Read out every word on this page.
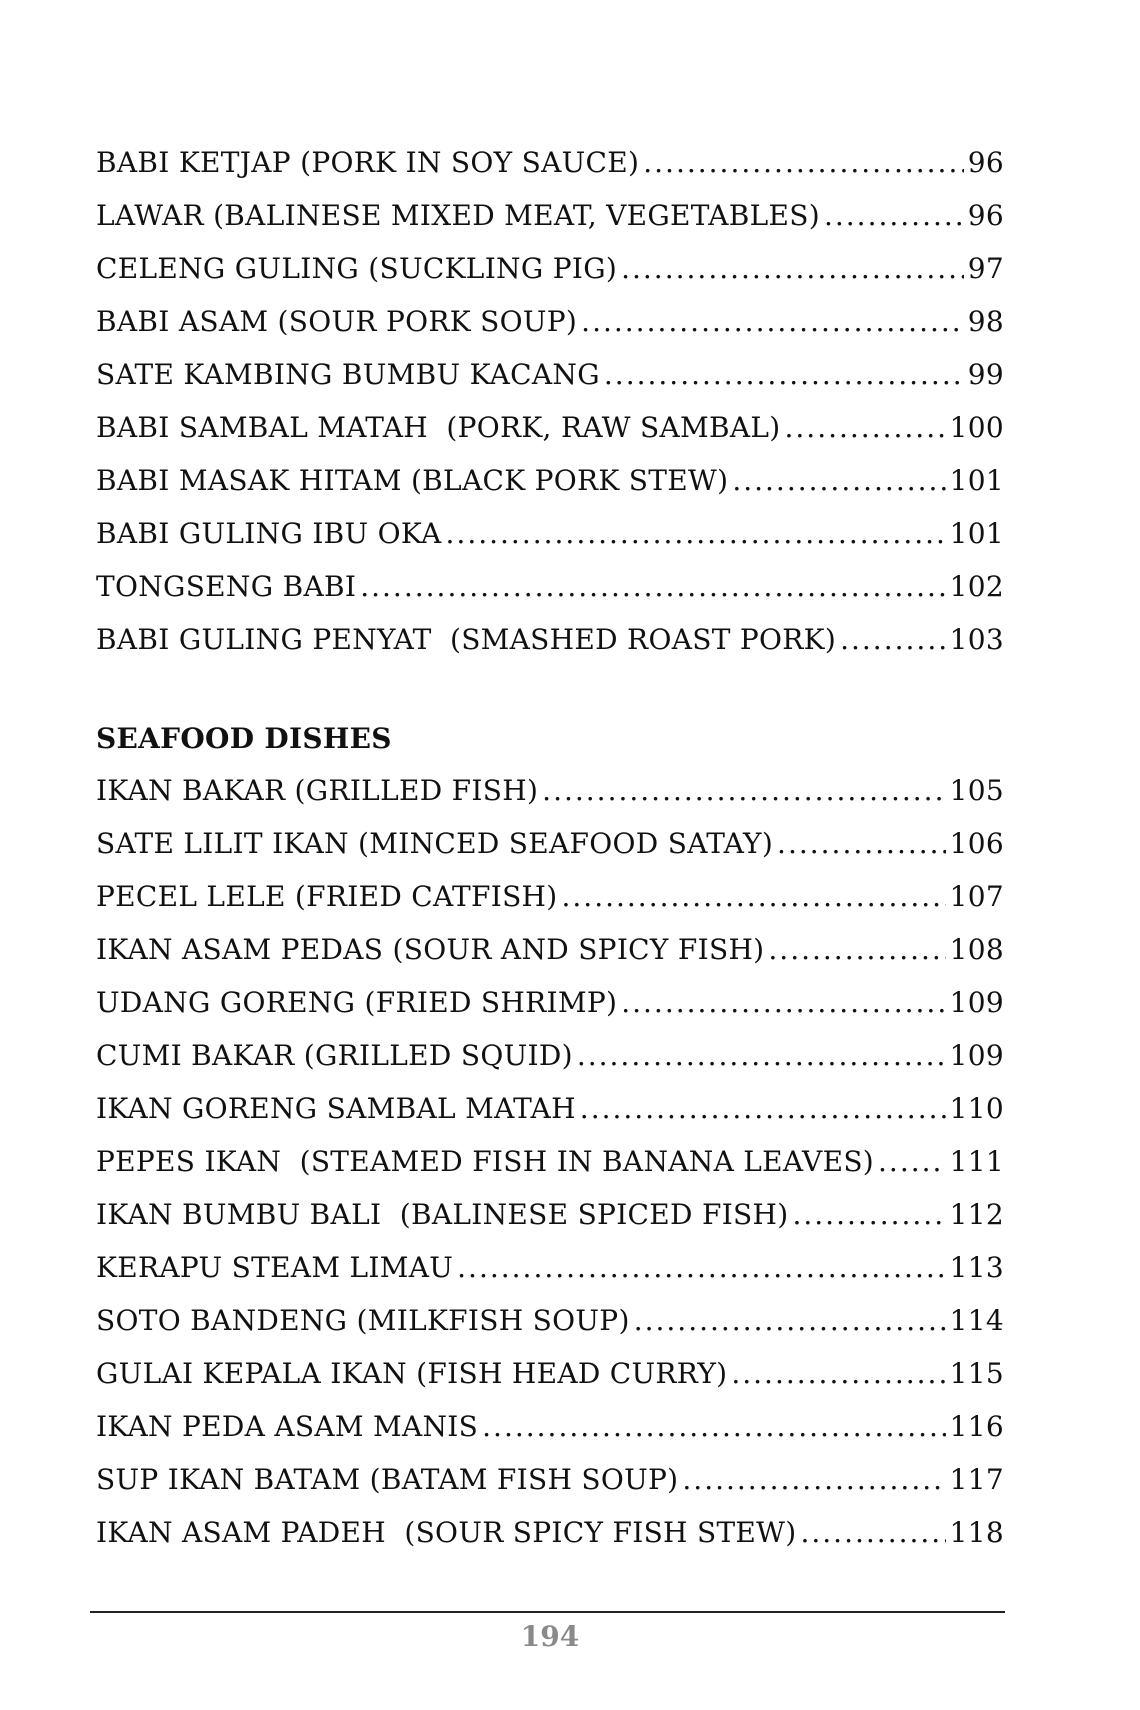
BABI KETJAP (PORK IN SOY SAUCE) .....	96
LAWAR (BALINESE MIXED MEAT, VEGETABLES) .....	96
CELENG GULING (SUCKLING PIG) .....	97
BABI ASAM (SOUR PORK SOUP) .....	98
SATE KAMBING BUMBU KACANG .....	99
BABI SAMBAL MATAH  (PORK, RAW SAMBAL) .....	100
BABI MASAK HITAM (BLACK PORK STEW) .....	101
BABI GULING IBU OKA .....	101
TONGSENG BABI .....	102
BABI GULING PENYAT  (SMASHED ROAST PORK) .....	103
SEAFOOD DISHES
IKAN BAKAR (GRILLED FISH) .....	105
SATE LILIT IKAN (MINCED SEAFOOD SATAY) .....	106
PECEL LELE (FRIED CATFISH) .....	107
IKAN ASAM PEDAS (SOUR AND SPICY FISH) .....	108
UDANG GORENG (FRIED SHRIMP) .....	109
CUMI BAKAR (GRILLED SQUID) .....	109
IKAN GORENG SAMBAL MATAH .....	110
PEPES IKAN  (STEAMED FISH IN BANANA LEAVES) .....	111
IKAN BUMBU BALI  (BALINESE SPICED FISH) .....	112
KERAPU STEAM LIMAU .....	113
SOTO BANDENG (MILKFISH SOUP) .....	114
GULAI KEPALA IKAN (FISH HEAD CURRY) .....	115
IKAN PEDA ASAM MANIS .....	116
SUP IKAN BATAM (BATAM FISH SOUP) .....	117
IKAN ASAM PADEH  (SOUR SPICY FISH STEW) .....	118
194
